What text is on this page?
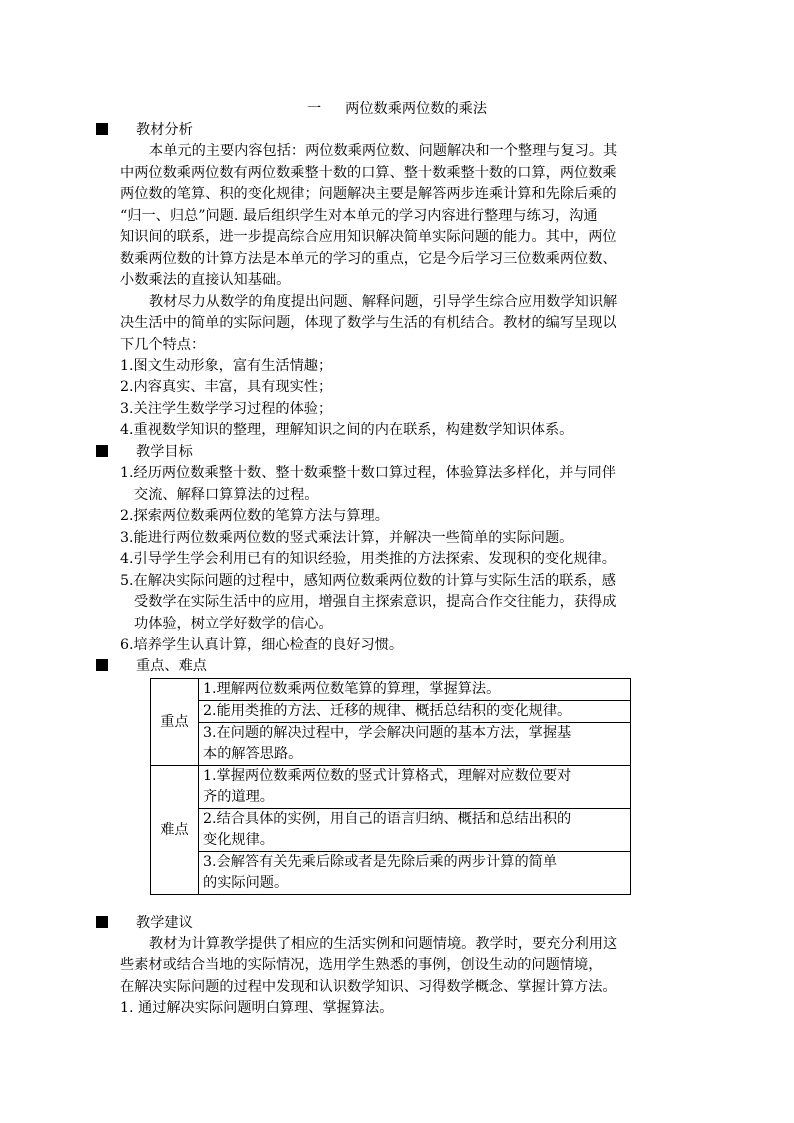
一 两位数乘两位数的乘法
教材分析
本单元的主要内容包括：两位数乘两位数、问题解决和一个整理与复习。其
中两位数乘两位数有两位数乘整十数的口算、整十数乘整十数的口算，两位数乘
两位数的笔算、积的变化规律；问题解决主要是解答两步连乘计算和先除后乘的
“归一、归总”问题. 最后组织学生对本单元的学习内容进行整理与练习，沟通
知识间的联系，进一步提高综合应用知识解决简单实际问题的能力。其中，两位
数乘两位数的计算方法是本单元的学习的重点，它是今后学习三位数乘两位数、
小数乘法的直接认知基础。
教材尽力从数学的角度提出问题、解释问题，引导学生综合应用数学知识解
决生活中的简单的实际问题，体现了数学与生活的有机结合。教材的编写呈现以
下几个特点：
1.图文生动形象，富有生活情趣；
2.内容真实、丰富，具有现实性；
3.关注学生数学学习过程的体验；
4.重视数学知识的整理，理解知识之间的内在联系，构建数学知识体系。
教学目标
1.经历两位数乘整十数、整十数乘整十数口算过程，体验算法多样化，并与同伴
交流、解释口算算法的过程。
2.探索两位数乘两位数的笔算方法与算理。
3.能进行两位数乘两位数的竖式乘法计算，并解决一些简单的实际问题。
4.引导学生学会利用已有的知识经验，用类推的方法探索、发现积的变化规律。
5.在解决实际问题的过程中，感知两位数乘两位数的计算与实际生活的联系，感
受数学在实际生活中的应用，增强自主探索意识，提高合作交往能力，获得成
功体验，树立学好数学的信心。
6.培养学生认真计算，细心检查的良好习惯。
重点、难点
重点	1.理解两位数乘两位数笔算的算理，掌握算法。
	2.能用类推的方法、迁移的规律、概括总结积的变化规律。
	3.在问题的解决过程中，学会解决问题的基本方法，掌握基
本的解答思路。
难点	1.掌握两位数乘两位数的竖式计算格式，理解对应数位要对
齐的道理。
	2.结合具体的实例，用自己的语言归纳、概括和总结出积的
变化规律。
	3.会解答有关先乘后除或者是先除后乘的两步计算的简单
的实际问题。
教学建议
教材为计算教学提供了相应的生活实例和问题情境。教学时，要充分利用这
些素材或结合当地的实际情况，选用学生熟悉的事例，创设生动的问题情境，
在解决实际问题的过程中发现和认识数学知识、习得数学概念、掌握计算方法。
1. 通过解决实际问题明白算理、掌握算法。
